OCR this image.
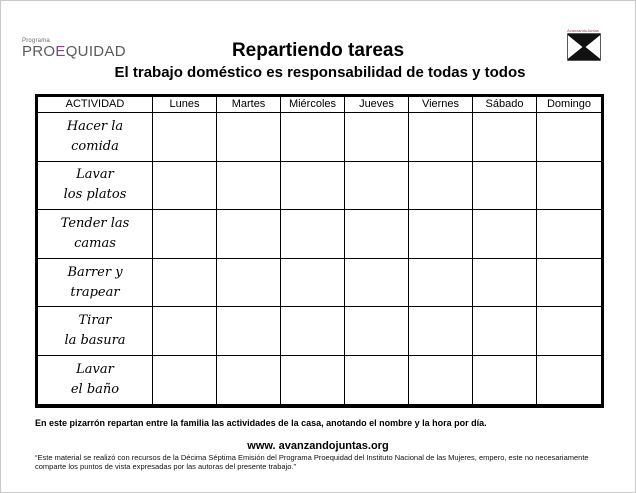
Programa
PROEQUIDAD	Repartiendo tareas
El trabajo doméstico es responsabilidad de todas y todos
AvanzandoJuntas
ACTIVIDAD	Lunes	Martes	Miércoles	Jueves	Viernes	Sábado	Domingo

Hacer la
comida							

Lavar
los platos							

Tender las
camas							

Barrer y
trapear							

Tirar
la basura							

Lavar
el baño							

En este pizarrón repartan entre la familia las actividades de la casa, anotando el nombre y la hora por día.
www. avanzandojuntas.org
“Este material se realizó con recursos de la Décima Séptima Emisión del Programa Proequidad del Instituto Nacional de las Mujeres, empero, este no necesariamente comparte los puntos de vista expresadas por las autoras del presente trabajo.”
